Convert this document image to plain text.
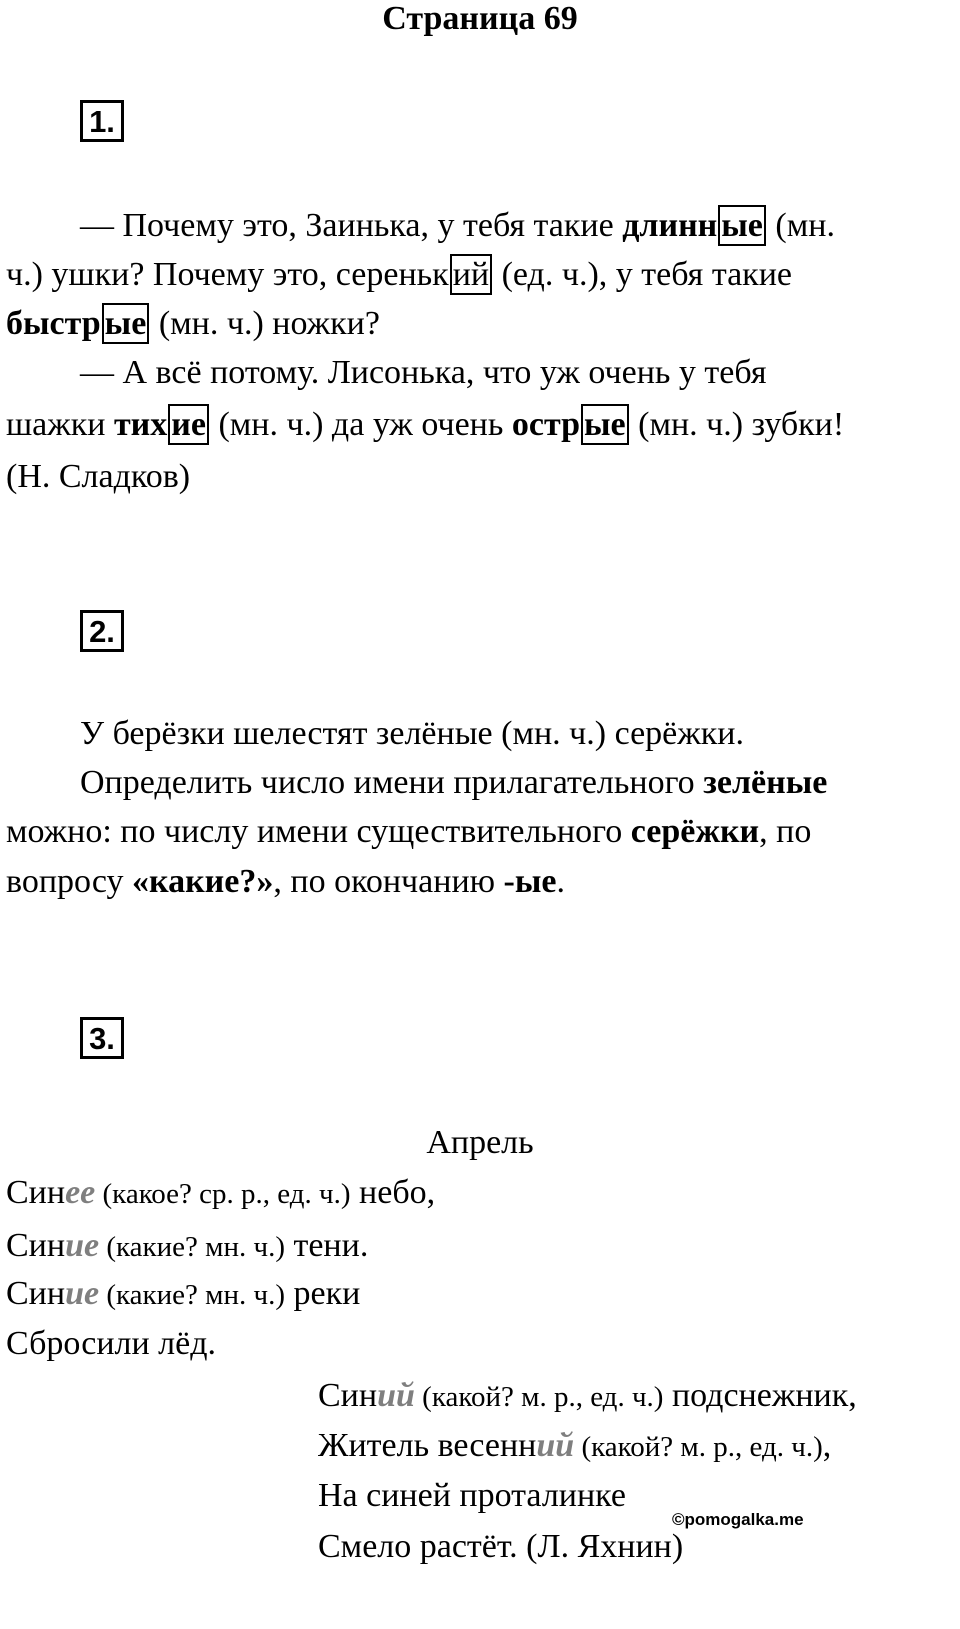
Страница 69
1.
— Почему это, Заинька, у тебя такие длинн ые (мн.
ч.) ушки? Почему это, сереньк ий (ед. ч.), у тебя такие
быстр ые (мн. ч.) ножки?
— А всё потому. Лисонька, что уж очень у тебя
шажки тих ие (мн. ч.) да уж очень остр ые (мн. ч.) зубки!
(Н. Сладков)
2.
У берёзки шелестят зелёные (мн. ч.) серёжки.
Определить число имени прилагательного зелёные
можно: по числу имени существительного серёжки, по
вопросу «какие?», по окончанию -ые.
3.
Апрель
Синее (какое? ср. р., ед. ч.) небо,
Синие (какие? мн. ч.) тени.
Синие (какие? мн. ч.) реки
Сбросили лёд.
Синий (какой? м. р., ед. ч.) подснежник,
Житель весенний (какой? м. р., ед. ч.),
На синей проталинке
Смело растёт. (Л. Яхнин)
©pomogalka.me
